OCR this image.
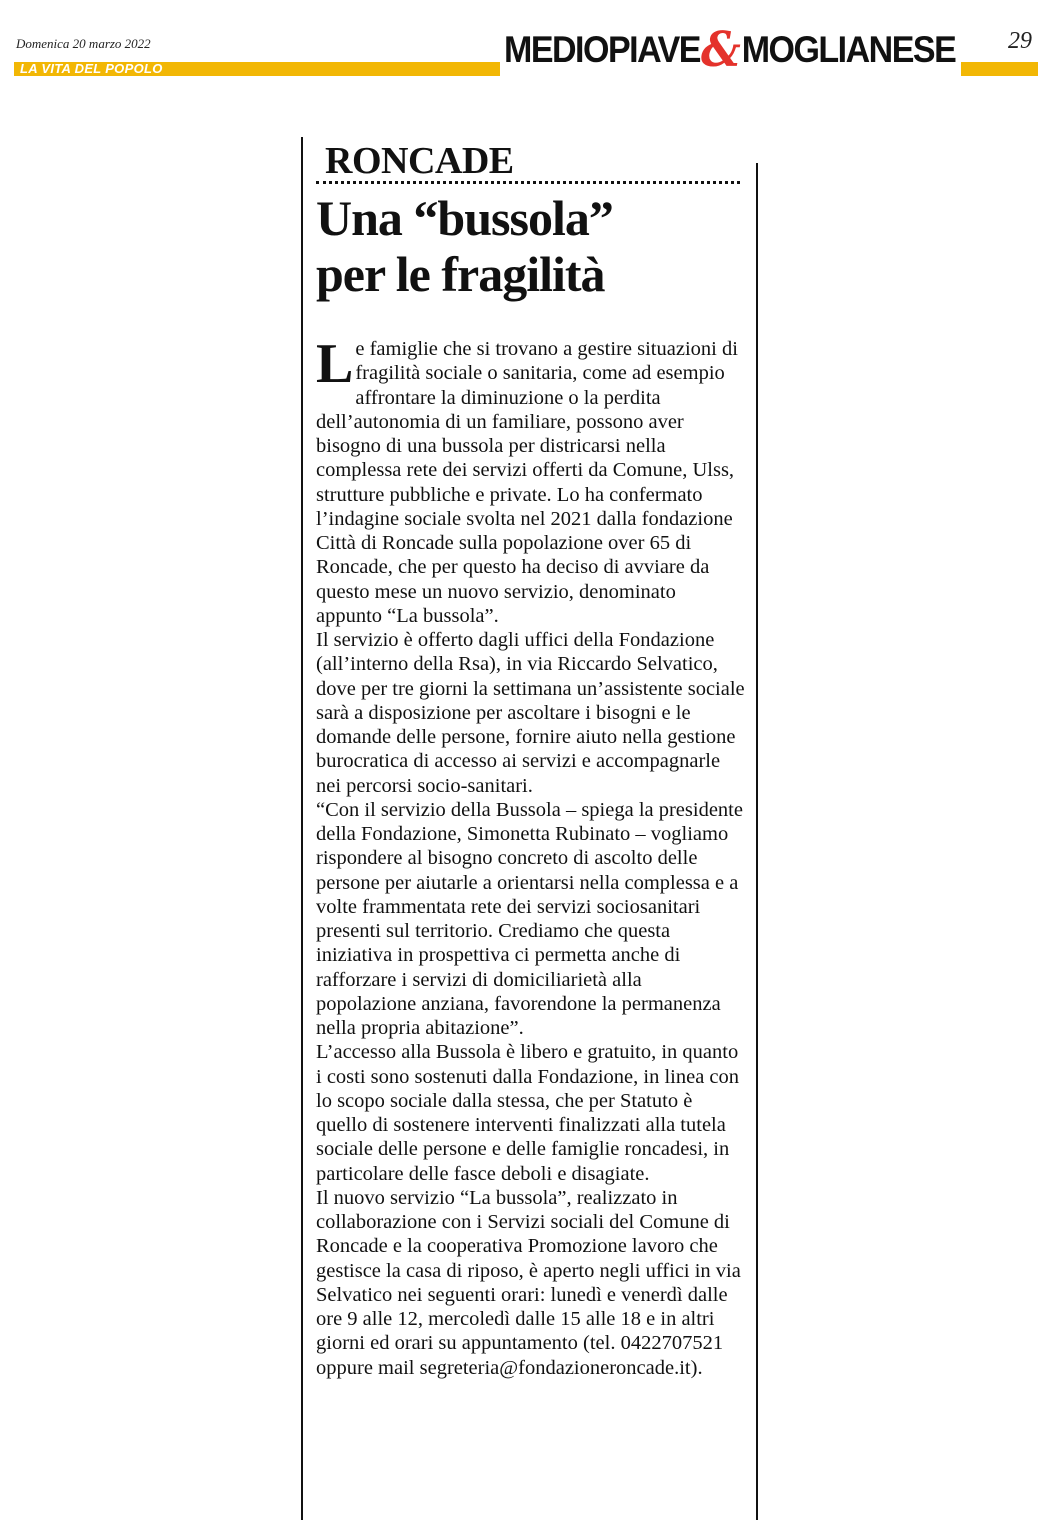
Domenica 20 marzo 2022
LA VITA DEL POPOLO	MEDIOPIAVE & MOGLIANESE 29
RONCADE
Una “bussola”
per le fragilità

Le famiglie che si trovano a gestire situazioni di fragilità sociale o sanitaria, come ad esempio affrontare la diminuzione o la perdita dell’autonomia di un familiare, possono aver bisogno di una bussola per districarsi nella complessa rete dei servizi offerti da Comune, Ulss, strutture pubbliche e private. Lo ha confermato l’indagine sociale svolta nel 2021 dalla fondazione Città di Roncade sulla popolazione over 65 di Roncade, che per questo ha deciso di avviare da questo mese un nuovo servizio, denominato appunto “La bussola”.

Il servizio è offerto dagli uffici della Fondazione (all’interno della Rsa), in via Riccardo Selvatico, dove per tre giorni la settimana un’assistente sociale sarà a disposizione per ascoltare i bisogni e le domande delle persone, fornire aiuto nella gestione burocratica di accesso ai servizi e accompagnarle nei percorsi socio-sanitari.

“Con il servizio della Bussola – spiega la presidente della Fondazione, Simonetta Rubinato – vogliamo rispondere al bisogno concreto di ascolto delle persone per aiutarle a orientarsi nella complessa e a volte frammentata rete dei servizi sociosanitari presenti sul territorio. Crediamo che questa iniziativa in prospettiva ci permetta anche di rafforzare i servizi di domiciliarietà alla popolazione anziana, favorendone la permanenza nella propria abitazione”.

L’accesso alla Bussola è libero e gratuito, in quanto i costi sono sostenuti dalla Fondazione, in linea con lo scopo sociale dalla stessa, che per Statuto è quello di sostenere interventi finalizzati alla tutela sociale delle persone e delle famiglie roncadesi, in particolare delle fasce deboli e disagiate.

Il nuovo servizio “La bussola”, realizzato in collaborazione con i Servizi sociali del Comune di Roncade e la cooperativa Promozione lavoro che gestisce la casa di riposo, è aperto negli uffici in via Selvatico nei seguenti orari: lunedì e venerdì dalle ore 9 alle 12, mercoledì dalle 15 alle 18 e in altri giorni ed orari su appuntamento (tel. 0422707521 oppure mail segreteria@fondazioneroncade.it).
